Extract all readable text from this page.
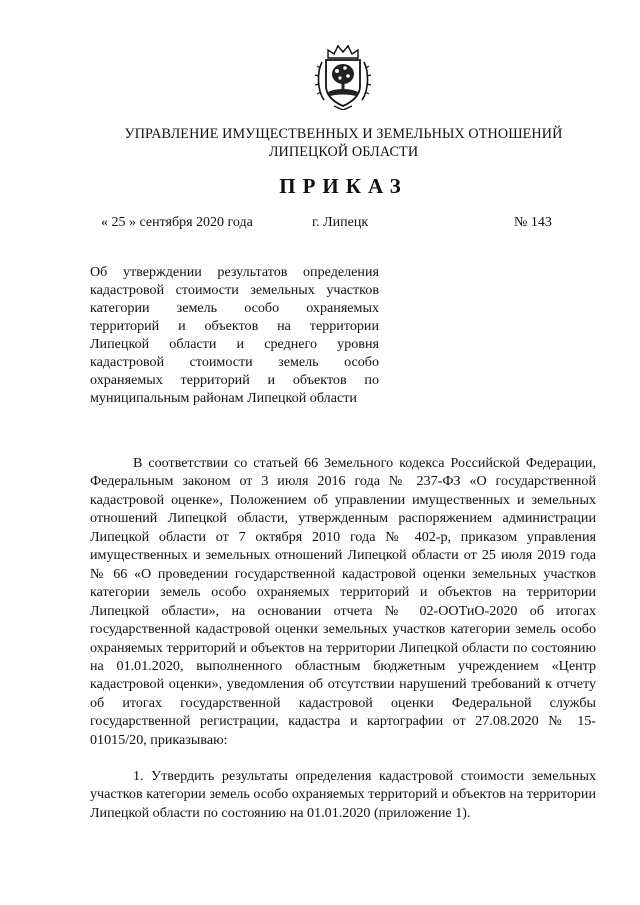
УПРАВЛЕНИЕ ИМУЩЕСТВЕННЫХ И ЗЕМЕЛЬНЫХ ОТНОШЕНИЙ
ЛИПЕЦКОЙ ОБЛАСТИ
ПРИКАЗ
« 25 » сентября 2020 года	г. Липецк	№ 143
Об утверждении результатов определения кадастровой стоимости земельных участков категории земель особо охраняемых территорий и объектов на территории Липецкой области и среднего уровня кадастровой стоимости земель особо охраняемых территорий и объектов по муниципальным районам Липецкой области
В соответствии со статьей 66 Земельного кодекса Российской Федерации, Федеральным законом от 3 июля 2016 года № 237-ФЗ «О государственной кадастровой оценке», Положением об управлении имущественных и земельных отношений Липецкой области, утвержденным распоряжением администрации Липецкой области от 7 октября 2010 года № 402-р, приказом управления имущественных и земельных отношений Липецкой области от 25 июля 2019 года № 66 «О проведении государственной кадастровой оценки земельных участков категории земель особо охраняемых территорий и объектов на территории Липецкой области», на основании отчета № 02-ООТиО-2020 об итогах государственной кадастровой оценки земельных участков категории земель особо охраняемых территорий и объектов на территории Липецкой области по состоянию на 01.01.2020, выполненного областным бюджетным учреждением «Центр кадастровой оценки», уведомления об отсутствии нарушений требований к отчету об итогах государственной кадастровой оценки Федеральной службы государственной регистрации, кадастра и картографии от 27.08.2020 № 15-01015/20, приказываю:
1. Утвердить результаты определения кадастровой стоимости земельных участков категории земель особо охраняемых территорий и объектов на территории Липецкой области по состоянию на 01.01.2020 (приложение 1).
